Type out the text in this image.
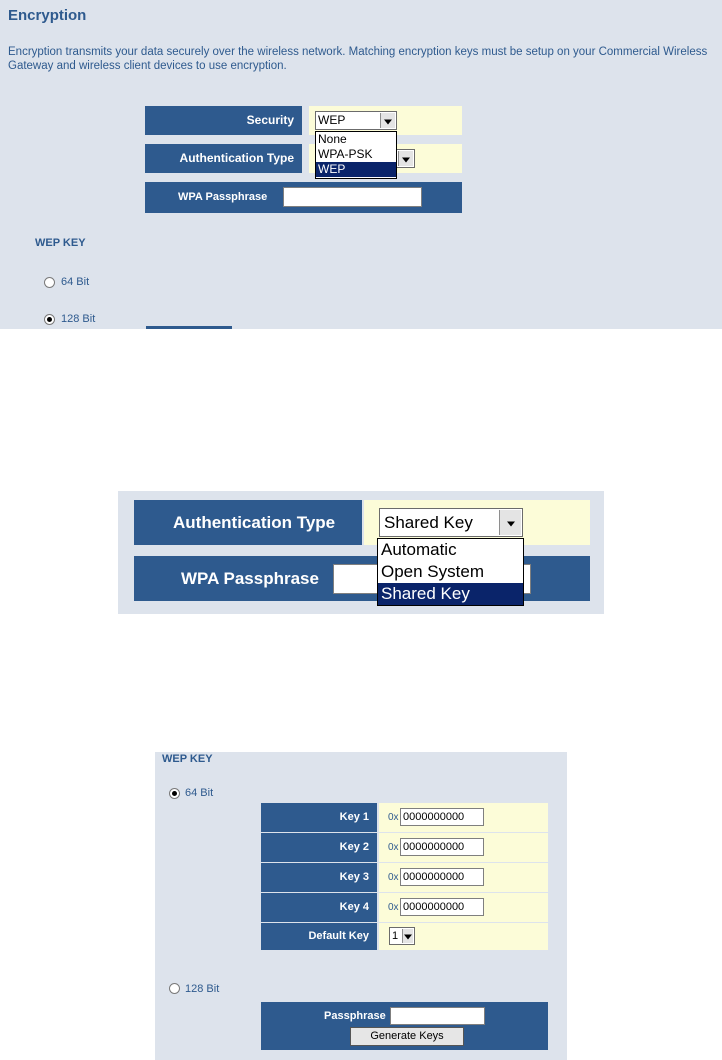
Encryption
Encryption transmits your data securely over the wireless network. Matching encryption keys must be setup on your Commercial Wireless Gateway and wireless client devices to use encryption.
Security	WEP
None
WPA-PSK
WEP
Authentication Type
WPA Passphrase
WEP KEY
64 Bit
128 Bit
Authentication Type	Shared Key
WPA Passphrase
Automatic
Open System
Shared Key
WEP KEY
64 Bit
Key 1
Key 2
Key 3
Key 4
Default Key
0x
0000000000
0x
0000000000
0x
0000000000
0x
0000000000
1
128 Bit
Passphrase
Generate Keys
